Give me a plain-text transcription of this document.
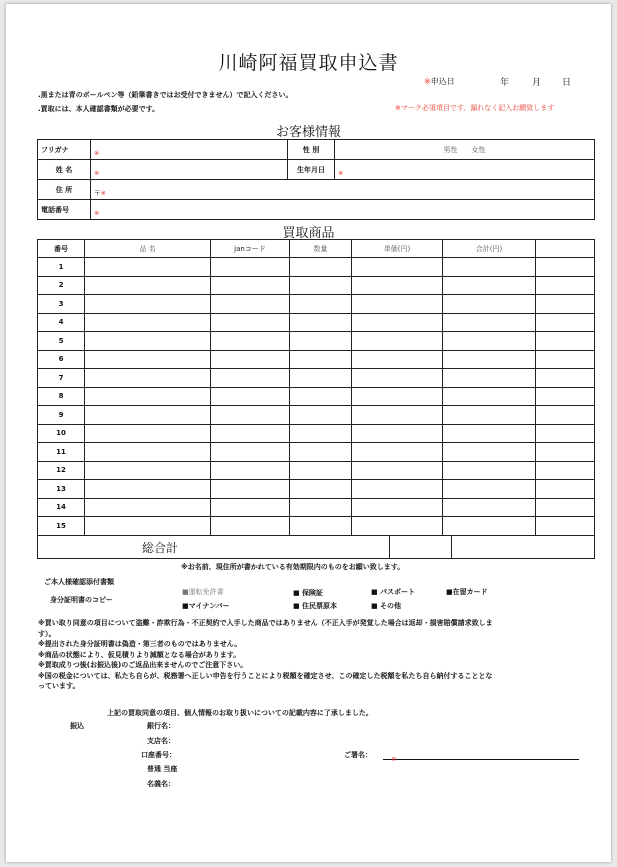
川崎阿福買取申込書
※申込日	年	月 日
.黒または青のボールペン等（鉛筆書きではお受付できません）で記入ください。
.買取には、本人確認書類が必要です。	※マーク必須項目です、漏れなく記入お願致します
お客様情報
フリガナ	※	性 別	男性　　女性
姓 名	※	生年月日	※
住 所	〒※		
電話番号	※		
買取商品
番号	品 名	janコード	数量	単価(円)	合計(円)	
1						
2						
3						
4						
5						
6						
7						
8						
9						
10						
11						
12						
13						
14						
15						
総合計		
※お名前、現住所が書かれている有効期限内のものをお願い致します。
ご本人様確認添付書類
身分証明書のコピー
■運転免許書	■ 保険証	■ パスポート	■在留カード
■マイナンバー	■ 住民票原本	■ その他
※買い取り同意の項目について盗難・詐欺行為・不正契約で入手した商品ではありません（不正入手が発覚した場合は返却・損害賠償請求致しま
す）。
※提出された身分証明書は偽造・第三者のものではありません。
※商品の状態により、仮見積りより減額となる場合があります。
※買取成りつ後(お振込後)のご返品出来ませんのでご注意下さい。
※国の税金については、私たち自らが、税務署へ正しい申告を行うことにより税額を確定させ、この確定した税額を私たち自ら納付することとな
っています。
上記の買取同意の項目、個人情報のお取り扱いについての記載内容に了承しました。
振込	銀行名：
支店名：
口座番号：
普通 当座
名義名：
ご署名：	※
